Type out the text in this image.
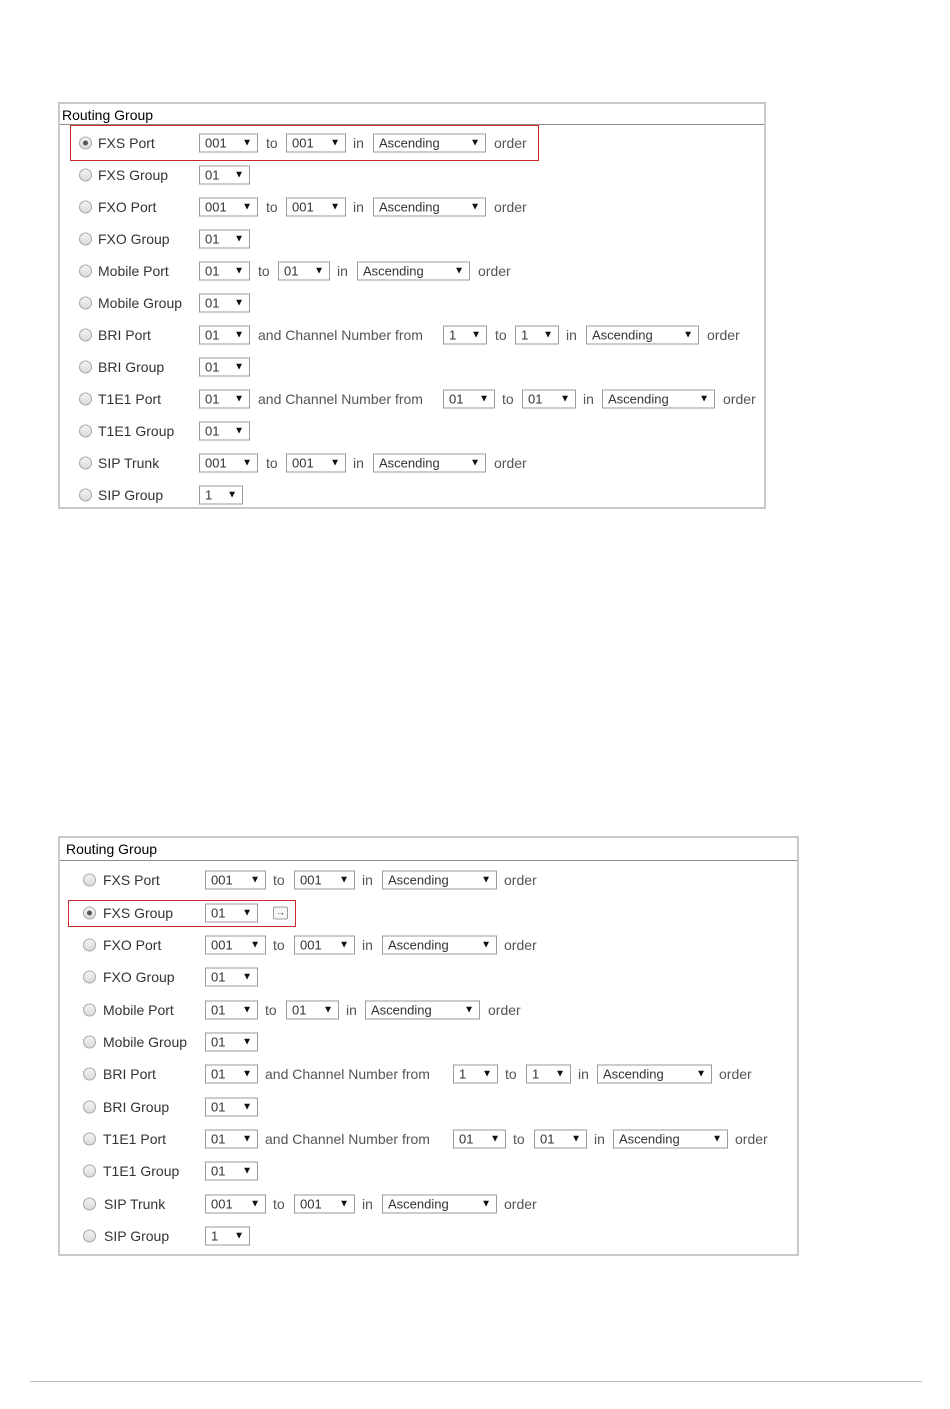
Routing Group
FXS Port	001 ▼ to	001 ▼ in	Ascending	▼ order
FXS Group	01 ▼
FXO Port	001 ▼ to	001 ▼ in	Ascending	▼ order
FXO Group	01 ▼
Mobile Port	01 ▼ to	01 ▼ in	Ascending	▼ order
Mobile Group	01 ▼
BRI Port	01 ▼ and Channel Number from	1 ▼ to	1 ▼ in	Ascending	▼ order
BRI Group	01 ▼
T1E1 Port	01 ▼ and Channel Number from	01 ▼ to	01 ▼ in	Ascending	▼ order
T1E1 Group	01 ▼
SIP Trunk	001 ▼ to	001 ▼ in	Ascending	▼ order
SIP Group	1 ▼
Routing Group
FXS Port	001 ▼ to	001 ▼ in	Ascending	▼ order
FXS Group	01 ▼ →
FXO Port	001 ▼ to	001 ▼ in	Ascending	▼ order
FXO Group	01 ▼
Mobile Port	01 ▼ to	01 ▼ in	Ascending	▼ order
Mobile Group	01 ▼
BRI Port	01 ▼ and Channel Number from	1 ▼ to	1 ▼ in	Ascending	▼ order
BRI Group	01 ▼
T1E1 Port	01 ▼ and Channel Number from	01 ▼ to	01 ▼ in	Ascending	▼ order
T1E1 Group	01 ▼
SIP Trunk	001 ▼ to	001 ▼ in	Ascending	▼ order
SIP Group	1 ▼
